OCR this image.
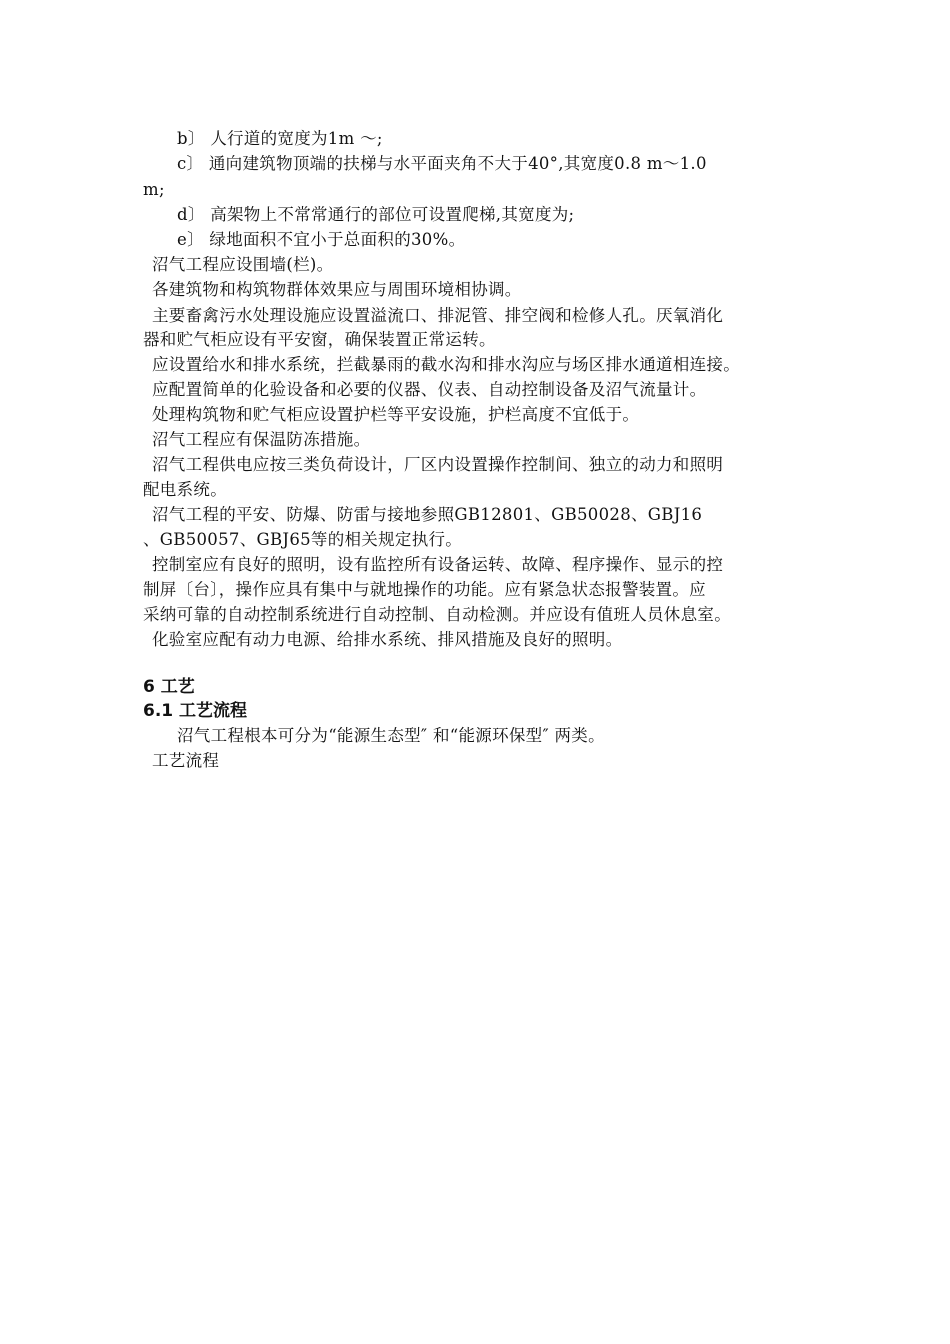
b〕 人行道的宽度为1m ～;
c〕 通向建筑物顶端的扶梯与水平面夹角不大于40°,其宽度0.8 m～1.0
m;
d〕 高架物上不常常通行的部位可设置爬梯,其宽度为;
e〕 绿地面积不宜小于总面积的30%。
沼气工程应设围墙(栏)。
各建筑物和构筑物群体效果应与周围环境相协调。
主要畜禽污水处理设施应设置溢流口、排泥管、排空阀和检修人孔。厌氧消化
器和贮气柜应设有平安窗，确保装置正常运转。
应设置给水和排水系统，拦截暴雨的截水沟和排水沟应与场区排水通道相连接。
应配置简单的化验设备和必要的仪器、仪表、自动控制设备及沼气流量计。
处理构筑物和贮气柜应设置护栏等平安设施，护栏高度不宜低于。
沼气工程应有保温防冻措施。
沼气工程供电应按三类负荷设计，厂区内设置操作控制间、独立的动力和照明
配电系统。
沼气工程的平安、防爆、防雷与接地参照GB12801、GB50028、GBJ16
、GB50057、GBJ65等的相关规定执行。
控制室应有良好的照明，设有监控所有设备运转、故障、程序操作、显示的控
制屏〔台〕，操作应具有集中与就地操作的功能。应有紧急状态报警装置。应
采纳可靠的自动控制系统进行自动控制、自动检测。并应设有值班人员休息室。
化验室应配有动力电源、给排水系统、排风措施及良好的照明。
6 工艺
6.1 工艺流程
沼气工程根本可分为“能源生态型″ 和“能源环保型″ 两类。
工艺流程
